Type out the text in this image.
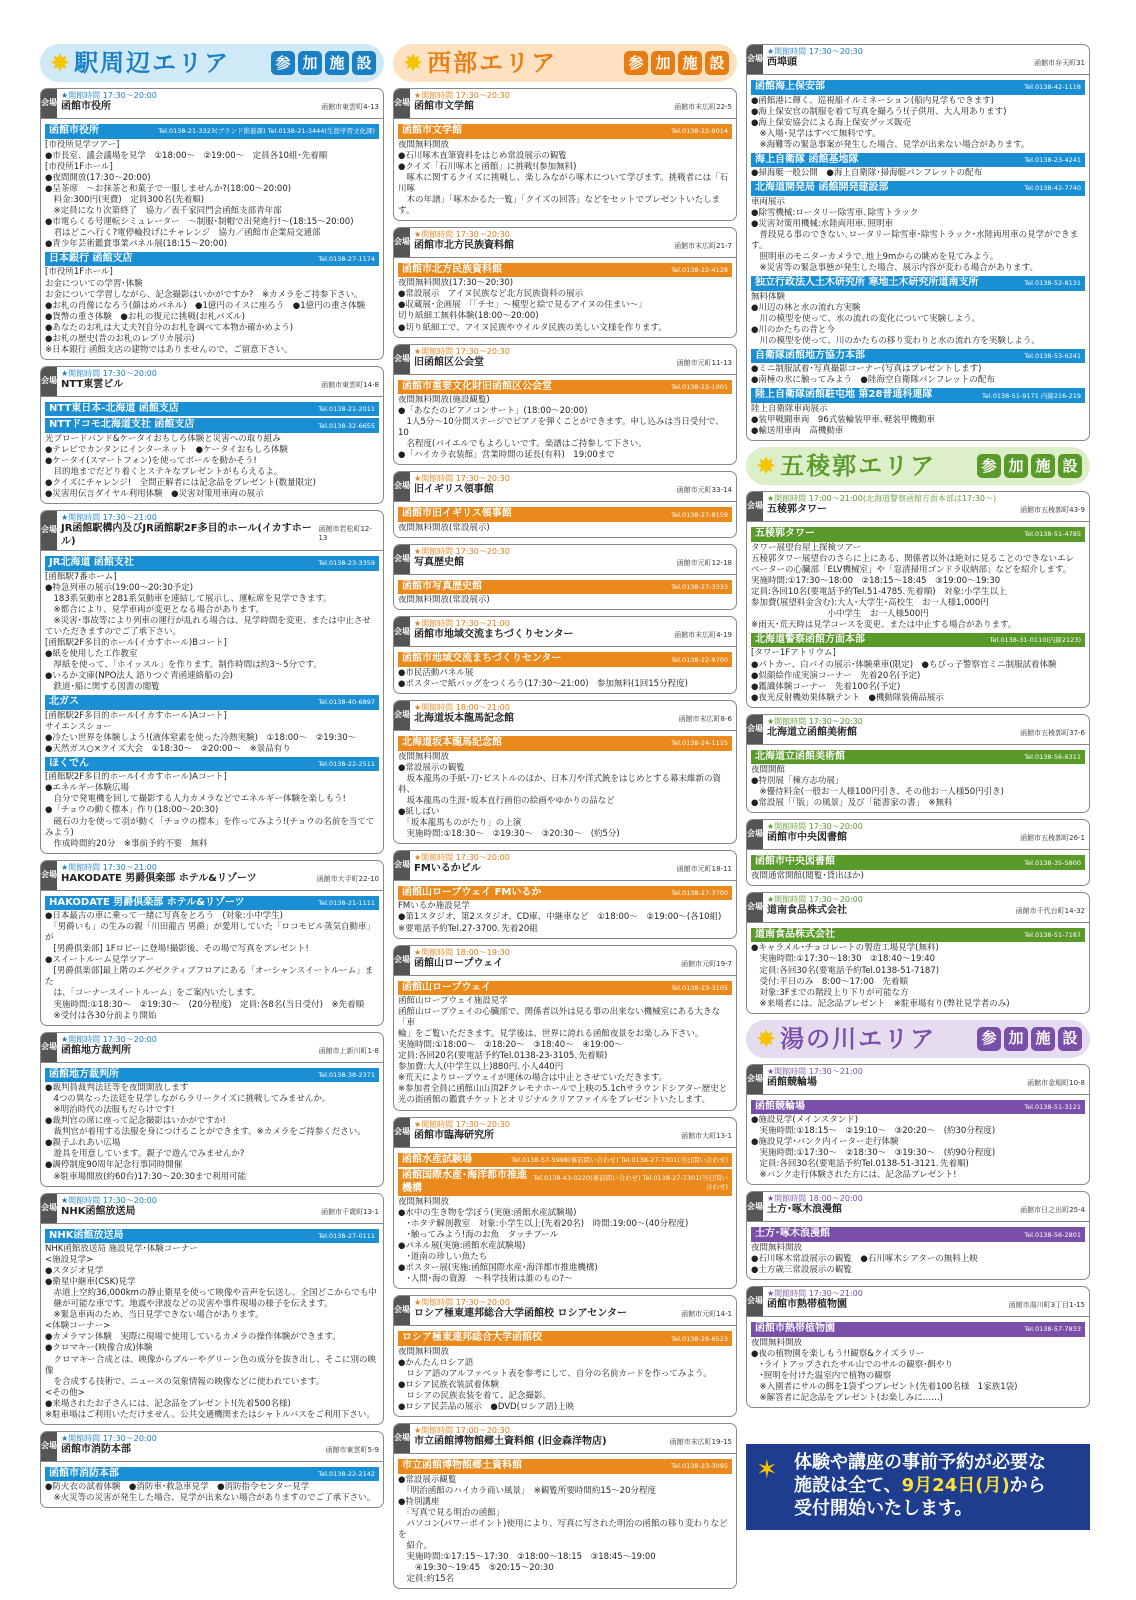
✸ 駅周辺エリア	参 加 施 設
会場
★開館時間 17:30～20:00
函館市役所	函館市東雲町4-13
函館市役所	Tel.0138-21-3323(ブランド推進課) Tel.0138-21-3444(生涯学習文化課)
[市役所見学ツアー]
●市長室、議会議場を見学　①18:00～　②19:00～　定員各10組･先着順
[市役所1Fホール]
●夜間開放(17:30～20:00)
●呈茶席　～お抹茶と和菓子で一服しませんか?(18:00～20:00)
　料金:300円(実費)　定員300名(先着順)
　※定員になり次第終了　協力／表千家同門会函館支部青年部
●市電らくる号運転シミュレーター　～制服･制帽で出発進行!～(18:15～20:00)
　君はどこへ行く?電停輪投げにチャレンジ　協力／函館市企業局交通部
●青少年芸術鑑賞事業パネル展(18:15～20:00)
日本銀行 函館支店	Tel.0138-27-1174
[市役所1Fホール]
お金についての学習･体験
お金について学習しながら、記念撮影はいかがですか?　※カメラをご持参下さい。
●お札の肖像になろう(顔はめパネル)　●1億円のイスに座ろう　●1億円の重さ体験
●貨幣の重さ体験　●お札の復元に挑戦(お札パズル)
●あなたのお札は大丈夫?(自分のお札を調べて本物か確かめよう)
●お札の歴史(昔のお札のレプリカ展示)
※日本銀行 函館支店の建物ではありませんので、ご留意下さい。
会場
★開館時間 17:30～20:00
NTT東雲ビル	函館市東雲町14-8
NTT東日本-北海道 函館支店	Tel.0138-21-2011
NTTドコモ北海道支社 函館支店	Tel.0138-32-6655
光ブロードバンド&ケータイおもしろ体験と災害への取り組み
●テレビでカンタンにインターネット　●ケータイおもしろ体験
●ケータイ(スマートフォン)を使ってボールを動かそう!
　目的地までだどり着くとステキなプレゼントがもらえるよ。
●クイズにチャレンジ!　全問正解者には記念品をプレゼント(数量限定)
●災害用伝言ダイヤル利用体験　●災害対策用車両の展示
会場
★開館時間 17:30～21:00
JR函館駅構内及びJR函館駅2F多目的ホール(イカすホール)
函館市若松町12-13
JR北海道 函館支社	Tel.0138-23-3359
[函館駅7番ホーム]
●特急列車の展示(19:00～20:30予定)
　183系気動車と281系気動車を連結して展示し、運転席を見学できます。
　※都合により、見学車両が変更となる場合があります。
　※災害･事故等により列車の運行が乱れる場合は、見学時間を変更、または中止させていただきますのでご了承下さい。
[函館駅2F多目的ホール(イカすホール)Bコート]
●紙を使用した工作教室
　厚紙を使って、「ホイッスル」を作ります。制作時間は約3～5分です。
●いるか文庫(NPO法人 語りつぐ青函連絡船の会)
　鉄道･船に関する図書の閲覧
北ガス	Tel.0138-40-6897
[函館駅2F多目的ホール(イカすホール)Aコート]
サイエンスショー
●冷たい世界を体験しよう!(液体窒素を使った冷熱実験)　①18:00～　②19:30～
●天然ガス○×クイズ大会　①18:30～　②20:00～　※景品有り
ほくでん	Tel.0138-22-2511
[函館駅2F多目的ホール(イカすホール)Aコート]
●エネルギー体験広場
　自分で発電機を回して撮影する人力カメラなどでエネルギー体験を楽しもう!
●「チョウの動く標本」作り(18:00～20:30)
　磁石の力を使って羽が動く「チョウの標本」を作ってみよう!(チョウの名前を当ててみよう)
　作成時間約20分　※事前予約不要　無料
会場
★開館時間 17:30～21:00
HAKODATE 男爵倶楽部 ホテル&リゾーツ	函館市大手町22-10
HAKODATE 男爵倶楽部 ホテル&リゾーツ	Tel.0138-21-1111
●日本最古の車に乗って一緒に写真をとろう　(対象:小中学生)
　「男爵いも」の生みの親「川田龍吉 男爵」が愛用していた「ロコモビル蒸気自動車」が
　[男爵倶楽部] 1Fロビーに登場!撮影後、その場で写真をプレゼント!
●スイートルーム見学ツアー
　[男爵倶楽部]最上階のエグゼクティブフロアにある「オーシャンスイートルーム」また
　は、「コーナースイートルーム」をご案内いたします。
　実施時間:①18:30～　②19:30～　(20分程度)　定員:各8名(当日受付)　※先着順
　※受付は各30分前より開始
会場
★開館時間 17:30～20:00
函館地方裁判所	函館市上新川町1-8
函館地方裁判所	Tel.0138-38-2371
●裁判員裁判法廷等を夜間開放します
　4つの異なった法廷を見学しながらラリークイズに挑戦してみませんか。
　※明治時代の法服もだらけです!
●裁判官の席に座って記念撮影はいかがですか!
　裁判官が着用する法服を身につけることができます。※カメラをご持参ください。
●親子ふれあい広場
　遊具を用意しています。親子で遊んでみませんか?
●調停制度90周年記念行事同時開催
　※駐車場開放(約60台)17:30～20:30まで利用可能
会場
★開館時間 17:30～20:00
NHK函館放送局	函館市千歳町13-1
NHK函館放送局	Tel.0138-27-0111
NHK函館放送局 施設見学･体験コーナー
<施設見学>
●スタジオ見学
●衛星中継車(CSK)見学
　赤道上空約36,000kmの静止衛星を使って映像や音声を伝送し、全国どこからでも中
　継が可能な車です。地震や津波などの災害や事件現場の様子を伝えます。
　※緊急車両のため、当日見学できない場合があります。
<体験コーナー>
●カメラマン体験　実際に現場で使用しているカメラの操作体験ができます。
●クロマキー(映像合成)体験
　クロマキー合成とは、映像からブルーやグリーン色の成分を抜き出し、そこに別の映像
　を合成する技術で、ニュースの気象情報の映像などに使われています。
<その他>
●来場されたお子さんには、記念品をプレゼント!(先着500名様)
※駐車場はご利用いただけません。公共交通機関またはシャトルバスをご利用下さい。
会場
★開館時間 17:30～20:00
函館市消防本部	函館市東雲町5-9
函館市消防本部	Tel.0138-22-2142
●防火衣の試着体験　●消防車･救急車見学　●消防指令センター見学
　※火災等の災害が発生した場合、見学が出来ない場合がありますのでご了承下さい。
✸ 西部エリア	参 加 施 設
会場
★開館時間 17:30～20:30
函館市文学館	函館市末広町22-5
函館市文学館	Tel.0138-22-9014
夜間無料開放
●石川啄木直筆資料をはじめ常設展示の観覧
●クイズ「石川啄木と函館」に挑戦!(参加無料)
　啄木に関するクイズに挑戦し、楽しみながら啄木について学びます。挑戦者には「石川啄
　木の年譜」「啄木かるた一覧」「クイズの回答」などをセットでプレゼントいたします。
会場
★開館時間 17:30～20:30
函館市北方民族資料館	函館市末広町21-7
函館市北方民族資料館	Tel.0138-22-4128
夜間無料開放(17:30～20:30)
●常設展示　アイヌ民族など北方民族資料の展示
●収蔵展･企画展　「「チセ」～模型と絵で見るアイヌの住まい～」
切り紙細工無料体験(18:00～20:00)
●切り紙細工で、アイヌ民族やウイルタ民族の美しい文様を作ります。
会場
★開館時間 17:30～20:30
旧函館区公会堂	函館市元町11-13
函館市重要文化財旧函館区公会堂	Tel.0138-22-1001
夜間無料開放(施設観覧)
●「あなたのピアノコンサート」(18:00～20:00)
　1人5分～10分間ステージでピアノを弾くことができます。申し込みは当日受付で、10
　名程度(バイエルでもよろしいです。楽譜はご持参して下さい。
●「ハイカラ衣装館」営業時間の延長(有料)　19:00まで
会場
★開館時間 17:30～20:30
旧イギリス領事館	函館市元町33-14
函館市旧イギリス領事館	Tel.0138-27-8159
夜間無料開放(常設展示)
会場
★開館時間 17:30～20:30
写真歴史館	函館市元町12-18
函館市写真歴史館	Tel.0138-27-3333
夜間無料開放(常設展示)
会場
★開館時間 17:30～21:00
函館市地域交流まちづくりセンター	函館市末広町4-19
函館市地域交流まちづくりセンター	Tel.0138-22-9700
●市民活動パネル展
●ポスターで紙バッグをつくろう(17:30～21:00)　参加無料(1回15分程度)
会場
★開館時間 18:00～21:00
北海道坂本龍馬記念館	函館市末広町8-6
北海道坂本龍馬記念館	Tel.0138-24-1115
夜間無料開放
●常設展示の観覧
　坂本龍馬の手紙･刀･ピストルのほか、日本刀や洋式銃をはじめとする幕末維新の資料、
　坂本龍馬の生涯･坂本直行画伯の絵画やゆかりの品など
●紙しばい
　「坂本龍馬ものがたり」の上演
　実施時間:①18:30～　②19:30～　③20:30～　(約5分)
会場
★開館時間 17:30～20:00
FMいるかビル	函館市元町18-11
函館山ロープウェイ FMいるか	Tel.0138-27-3700
FMいるか施設見学
●第1スタジオ、第2スタジオ、CD庫、中継車など　①18:00～　②19:00～(各10組)
※要電話予約Tel.27-3700､先着20組
会場
★開館時間 18:00～19:30
函館山ロープウェイ	函館市元町19-7
函館山ロープウェイ	Tel.0138-23-3105
函館山ロープウェイ施設見学
函館山ロープウェイの心臓部で、関係者以外は見る事の出来ない機械室にある大きな「車
輪」をご覧いただきます。見学後は、世界に誇れる函館夜景をお楽しみ下さい。
実施時間:①18:00～　②18:20～　③18:40～　④19:00～
定員:各回20名(要電話予約Tel.0138-23-3105､先着順)
参加費:大人(中学生以上)880円､小人440円
※荒天によりロープウェイが運休の場合は中止とさせていただきます。
※参加者全員に函館山山頂2Fクレモナホールで上映の5.1chサラウンドシアター歴史と
光の街函館の鑑賞チケットとオリジナルクリアファイルをプレゼントいたします。
会場
★開館時間 17:30～20:30
函館市臨海研究所	函館市大町13-1
函館水産試験場	Tel.0138-57-5998(事前問い合わせ) Tel.0138-27-7301(当日問い合わせ)
函館国際水産･海洋都市推進機構
Tel.0138-43-0220(事前問い合わせ) Tel.0138-27-7301(当日問い合わせ)
夜間無料開放
●水中の生き物を学ぼう(実施:函館水産試験場)
　･ホタテ解剖教室　対象:小学生以上(先着20名)　時間:19:00～(40分程度)
　･触ってみよう!海のお魚　タッチプール
●パネル展(実施:函館水産試験場)
　･道南の珍しい魚たち
●ポスター展(実施:函館国際水産･海洋都市推進機構)
　･人間･海の資源　～科学技術は誰のもの?～
会場
★開館時間 17:30～20:00
ロシア極東連邦総合大学函館校 ロシアセンター	函館市元町14-1
ロシア極東連邦総合大学函館校	Tel.0138-26-6523
夜間無料開放
●かんたんロシア語
　ロシア語のアルファベット表を参考にして、自分の名前カードを作ってみよう。
●ロシア民族衣装試着体験
　ロシアの民族衣装を着て、記念撮影。
●ロシア民芸品の展示　●DVD(ロシア語)上映
会場
★開館時間 17:00～20:30
市立函館博物館郷土資料館 (旧金森洋物店)	函館市末広町19-15
市立函館博物館郷土資料館	Tel.0138-23-3095
●常設展示観覧
　「明治函館のハイカラ商い風景」　※観覧所要時間約15～20分程度
●特別講座
　「写真で見る明治の函館」
　パソコン(パワーポイント)使用により、写真に写された明治の函館の移り変わりなどを
　紹介。
　実施時間:①17:15～17:30　②18:00～18:15　③18:45～19:00
　　④19:30～19:45　⑤20:15～20:30
　定員:約15名
会場
★開館時間 17:30～20:30
西埠頭	函館市弁天町31
函館海上保安部	Tel.0138-42-1118
●函館港に輝く、巡視船イルミネーション(船内見学もできます)
●海上保安官の制服を着て写真を撮ろう!(子供用、大人用あります)
●海上保安協会による海上保安グッズ販売
　※入場･見学はすべて無料です。
　※海難等の緊急事案が発生した場合、見学が出来ない場合があります。
海上自衛隊 函館基地隊	Tel.0138-23-4241
●掃海艇一般公開　●海上自衛隊･掃海艇パンフレットの配布
北海道開発局 函館開発建設部	Tel.0138-42-7740
車両展示
●除雪機械:ロータリー除雪車､除雪トラック
●災害対策用機械:水陸両用車､照明車
　普段見る事のできない､ロータリー除雪車･除雪トラック･水陸両用車の見学ができます。
　照明車のモニターカメラで､地上9mからの眺めを見てみよう。
　※災害等の緊急事態が発生した場合、展示内容が変わる場合があります。
独立行政法人土木研究所 寒地土木研究所道南支所	Tel.0138-52-8131
無料体験
●川辺の林と水の流れ方実験
　川の模型を使って、水の流れの変化について実験しよう。
●川のかたちの昔と今
　川の模型を使って、川のかたちの移り変わりと水の流れ方を実験しよう。
自衛隊函館地方協力本部	Tel.0138-53-6241
●ミニ制服試着･写真撮影コーナー(写真はプレゼントします)
●南極の氷に触ってみよう　●陸海空自衛隊パンフレットの配布
陸上自衛隊函館駐屯地 第28普通科連隊	Tel.0138-51-9171 内線216-219
陸上自衛隊車両展示
●装甲戦闘車両　96式装輪装甲車､軽装甲機動車
●輸送用車両　高機動車
✸ 五稜郭エリア	参 加 施 設
会場
★開館時間 17:00～21:00(北海道警察函館方面本部は17:30～)
五稜郭タワー	函館市五稜郭町43-9
五稜郭タワー	Tel.0138-51-4785
タワー展望台屋上探検ツアー
五稜郭タワー展望台のさらに上にある、関係者以外は絶対に見ることのできないエレ
ベーターの心臓部「ELV機械室」や「窓清掃用ゴンドラ収納部」などを紹介します。
実施時間:①17:30～18:00　②18:15～18:45　③19:00～19:30
定員:各回10名(要電話予約Tel.51-4785､先着順)　対象:小学生以上
参加費(展望料金含む):大人･大学生･高校生　お一人様1,000円
　　　　　　　　　小中学生　お一人様500円
※雨天･荒天時は見学コースを変更、または中止する場合があります。
北海道警察函館方面本部	Tel.0138-31-0110(内線2123)
[タワー1Fアトリウム]
●パトカー、白バイの展示･体験乗車(限定)　●ちびっ子警察官ミニ制服試着体験
●似顔絵作成実演コーナー　先着20名(予定)
●鑑識体験コーナー　先着100名(予定)
●夜光反射機効果体験テント　●機動隊装備品展示
会場
★開館時間 17:30～20:30
北海道立函館美術館	函館市五稜郭町37-6
北海道立函館美術館	Tel.0138-56-6311
夜間開館
●特別展「棟方志功展」
　※優待料金(一般お一人様100円引き、その他お一人様50円引き)
●常設展「「版」の風景」及び「能書家の書」　※無料
会場
★開館時間 17:30～20:00
函館市中央図書館	函館市五稜郭町26-1
函館市中央図書館	Tel.0138-35-5800
夜間通常開館(閲覧･貸出ほか)
会場
★開館時間 17:30～20:00
道南食品株式会社	函館市千代台町14-32
道南食品株式会社	Tel.0138-51-7187
●キャラメル･チョコレートの製造工場見学(無料)
　実施時間:①17:30～18:30　②18:40～19:40
　定員:各回30名(要電話予約Tel.0138-51-7187)
　受付:平日のみ　8:00～17:00　先着順
　対象:3Fまでの階段上り下りが可能な方
　※来場者には、記念品プレゼント　※駐車場有り(弊社見学者のみ)
✸ 湯の川エリア	参 加 施 設
会場
★開館時間 17:30～21:00
函館競輪場	函館市金堀町10-8
函館競輪場	Tel.0138-51-3121
●施設見学(メインスタンド)
　実施時間:①18:15～　②19:10～　③20:20～　(約30分程度)
●施設見学･バンク内イーター走行体験
　実施時間:①17:30～　②18:30～　③19:30～　(約90分程度)
　定員:各回30名(要電話予約Tel.0138-51-3121､先着順)
　※バンク走行体験された方には、記念品プレゼント!
会場
★開館時間 18:00～20:00
土方･啄木浪漫館	函館市日之出町25-4
土方･啄木浪漫館	Tel.0138-56-2801
夜間無料開放
●石川啄木常設展示の観覧　●石川啄木シアターの無料上映
●土方歳三常設展示の観覧
会場
★開館時間 17:30～21:00
函館市熱帯植物園	函館市湯川町3丁目1-15
函館市熱帯植物園	Tel.0138-57-7833
夜間無料開放
●夜の植物園を楽しもう!!観察&クイズラリー
　･ライトアップされたサル山でのサルの観察･餌やり
　･照明を付けた温室内で植物の観察
　※入園者にサルの餌を1袋ずつプレゼント(先着100名様　1家族1袋)
　※解答者に記念品をプレゼント(お楽しみに……)
✶ 体験や講座の事前予約が必要な
施設は全て、9月24日(月)から
受付開始いたします。
